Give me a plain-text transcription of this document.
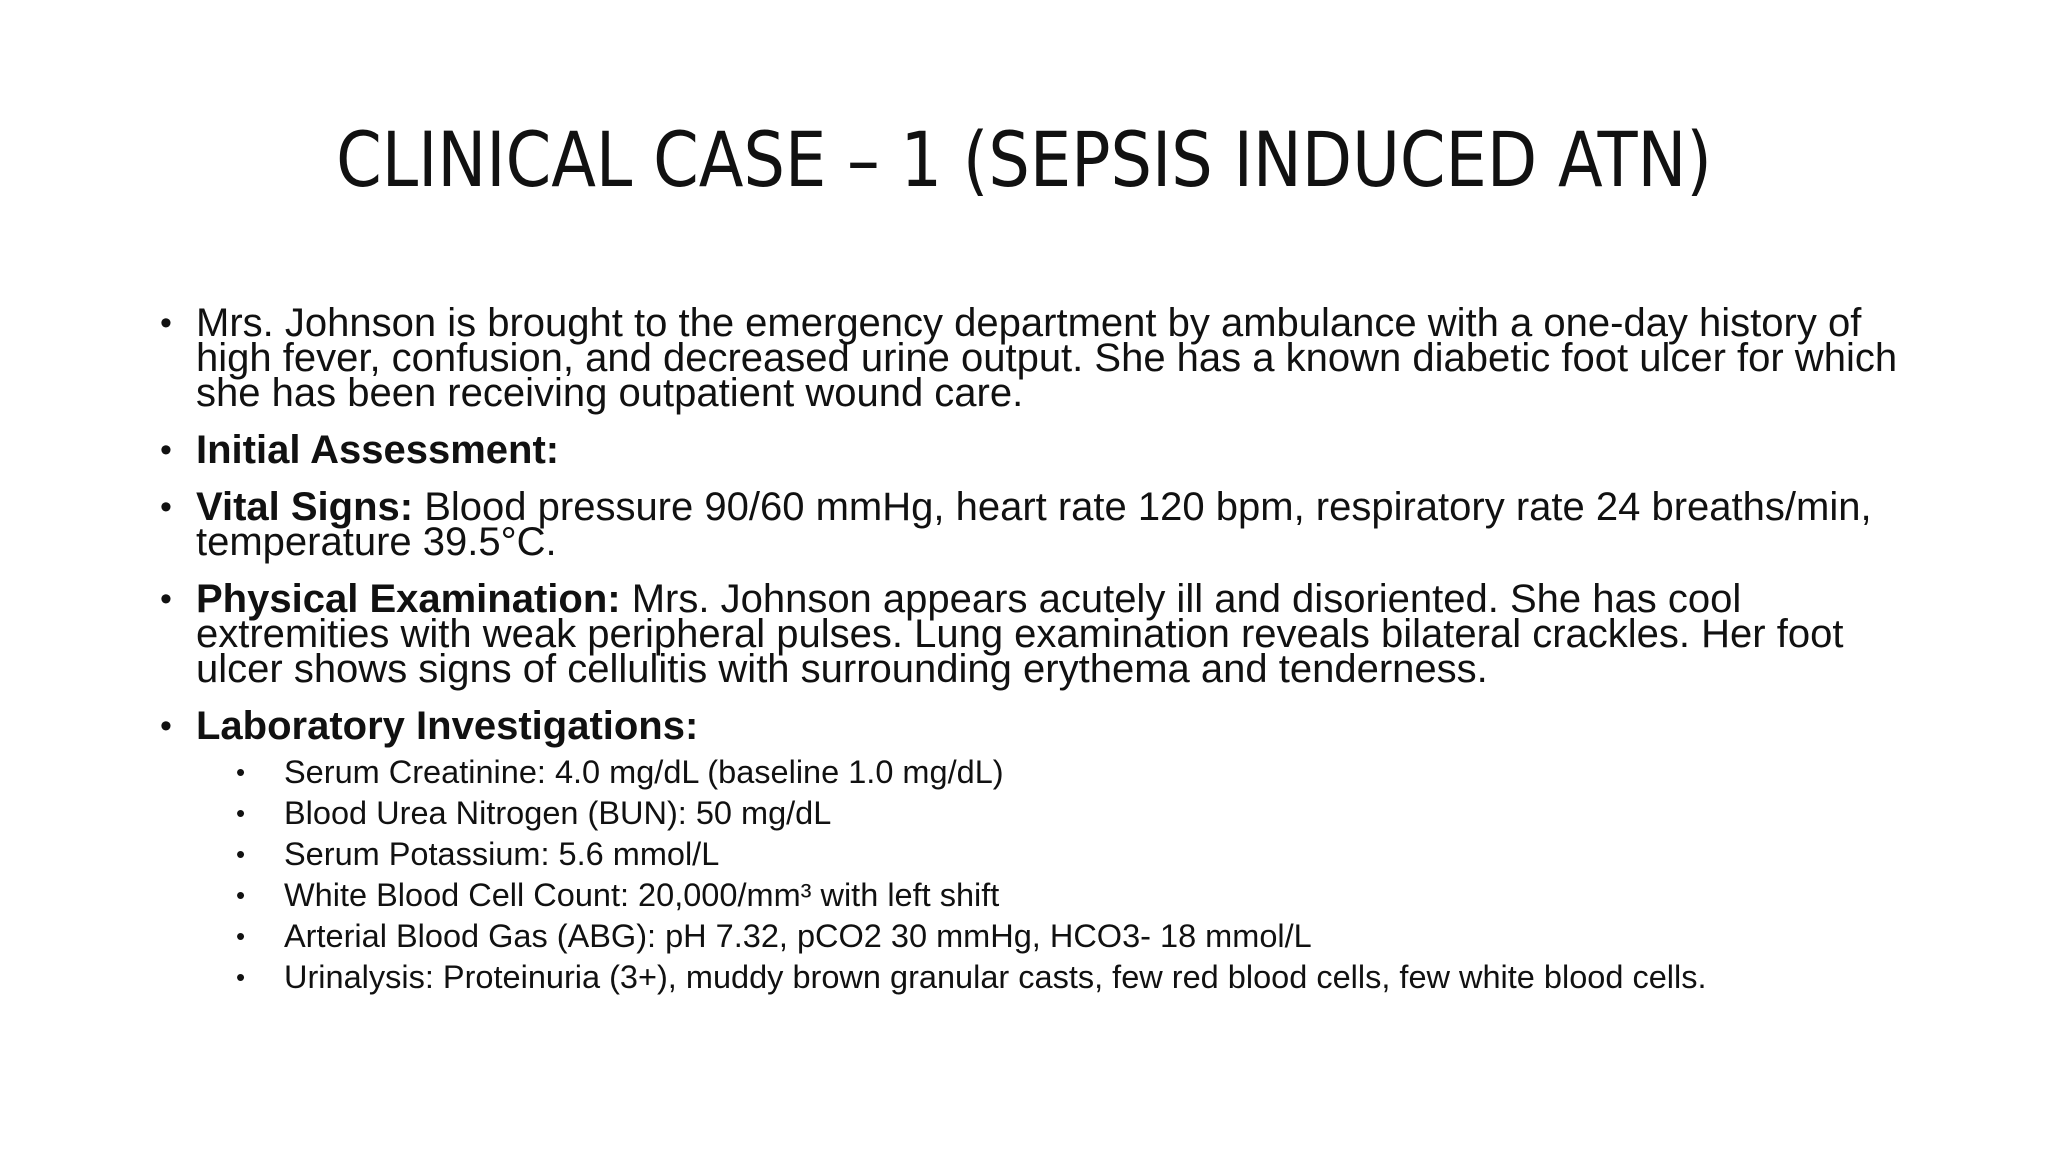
CLINICAL CASE – 1 (SEPSIS INDUCED ATN)
• Mrs. Johnson is brought to the emergency department by ambulance with a one-day history of high fever, confusion, and decreased urine output. She has a known diabetic foot ulcer for which she has been receiving outpatient wound care.
• Initial Assessment:
• Vital Signs: Blood pressure 90/60 mmHg, heart rate 120 bpm, respiratory rate 24 breaths/min, temperature 39.5°C.
• Physical Examination: Mrs. Johnson appears acutely ill and disoriented. She has cool extremities with weak peripheral pulses. Lung examination reveals bilateral crackles. Her foot ulcer shows signs of cellulitis with surrounding erythema and tenderness.
• Laboratory Investigations:
• Serum Creatinine: 4.0 mg/dL (baseline 1.0 mg/dL)
• Blood Urea Nitrogen (BUN): 50 mg/dL
• Serum Potassium: 5.6 mmol/L
• White Blood Cell Count: 20,000/mm³ with left shift
• Arterial Blood Gas (ABG): pH 7.32, pCO2 30 mmHg, HCO3- 18 mmol/L
• Urinalysis: Proteinuria (3+), muddy brown granular casts, few red blood cells, few white blood cells.
